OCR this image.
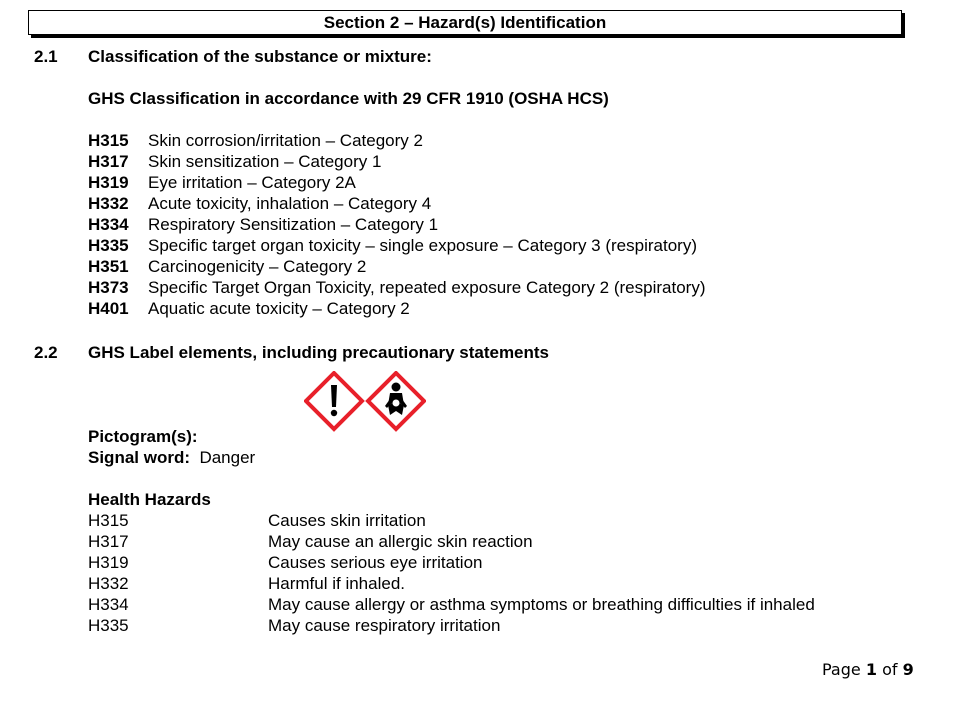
Section 2 – Hazard(s) Identification
2.1 Classification of the substance or mixture:
GHS Classification in accordance with 29 CFR 1910 (OSHA HCS)
H315 Skin corrosion/irritation – Category 2
H317 Skin sensitization – Category 1
H319 Eye irritation – Category 2A
H332 Acute toxicity, inhalation – Category 4
H334 Respiratory Sensitization – Category 1
H335 Specific target organ toxicity – single exposure – Category 3 (respiratory)
H351 Carcinogenicity – Category 2
H373 Specific Target Organ Toxicity, repeated exposure Category 2 (respiratory)
H401 Aquatic acute toxicity – Category 2
2.2 GHS Label elements, including precautionary statements
Pictogram(s):
Signal word: Danger
Health Hazards
H315	Causes skin irritation
H317	May cause an allergic skin reaction
H319	Causes serious eye irritation
H332	Harmful if inhaled.
H334	May cause allergy or asthma symptoms or breathing difficulties if inhaled
H335	May cause respiratory irritation
Page 1 of 9
